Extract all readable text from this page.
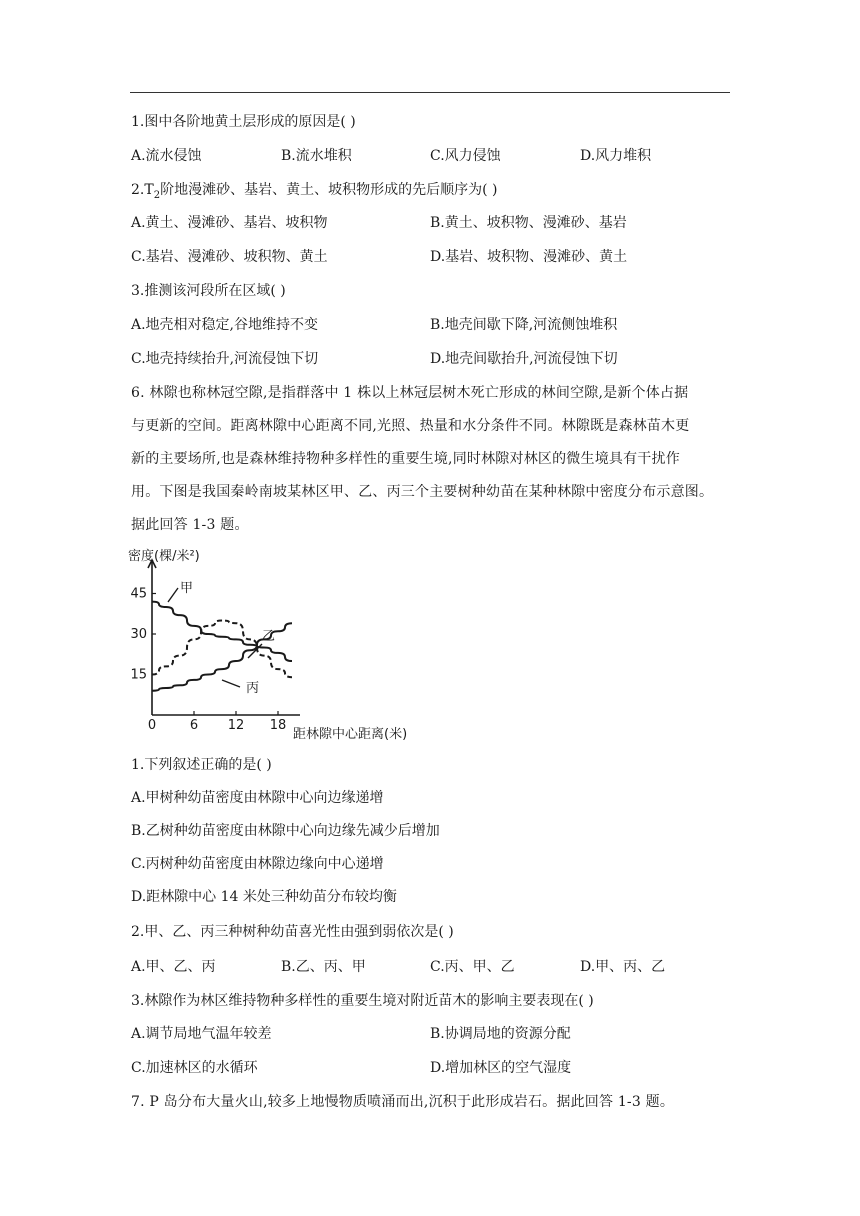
1.图中各阶地黄土层形成的原因是( )
A.流水侵蚀	B.流水堆积	C.风力侵蚀	D.风力堆积
$2.T_2$阶地漫滩砂、基岩、黄土、坡积物形成的先后顺序为( )
A.黄土、漫滩砂、基岩、坡积物	B.黄土、坡积物、漫滩砂、基岩
C.基岩、漫滩砂、坡积物、黄土	D.基岩、坡积物、漫滩砂、黄土
3.推测该河段所在区域( )
A.地壳相对稳定,谷地维持不变	B.地壳间歇下降,河流侧蚀堆积
C.地壳持续抬升,河流侵蚀下切	D.地壳间歇抬升,河流侵蚀下切
6. 林隙也称林冠空隙,是指群落中 1 株以上林冠层树木死亡形成的林间空隙,是新个体占据
与更新的空间。距离林隙中心距离不同,光照、热量和水分条件不同。林隙既是森林苗木更
新的主要场所,也是森林维持物种多样性的重要生境,同时林隙对林区的微生境具有干扰作
用。下图是我国秦岭南坡某林区甲、乙、丙三个主要树种幼苗在某种林隙中密度分布示意图。
据此回答 1-3 题。
0	6 12 18
15
30
45	甲
乙
丙
密度(棵/米²)
距林隙中心距离(米)
1.下列叙述正确的是( )
A.甲树种幼苗密度由林隙中心向边缘递增
B.乙树种幼苗密度由林隙中心向边缘先减少后增加
C.丙树种幼苗密度由林隙边缘向中心递增
D.距林隙中心 14 米处三种幼苗分布较均衡
2.甲、乙、丙三种树种幼苗喜光性由强到弱依次是( )
A.甲、乙、丙	B.乙、丙、甲	C.丙、甲、乙	D.甲、丙、乙
3.林隙作为林区维持物种多样性的重要生境对附近苗木的影响主要表现在( )
A.调节局地气温年较差	B.协调局地的资源分配
C.加速林区的水循环	D.增加林区的空气湿度
7. P 岛分布大量火山,较多上地慢物质喷涌而出,沉积于此形成岩石。据此回答 1-3 题。
